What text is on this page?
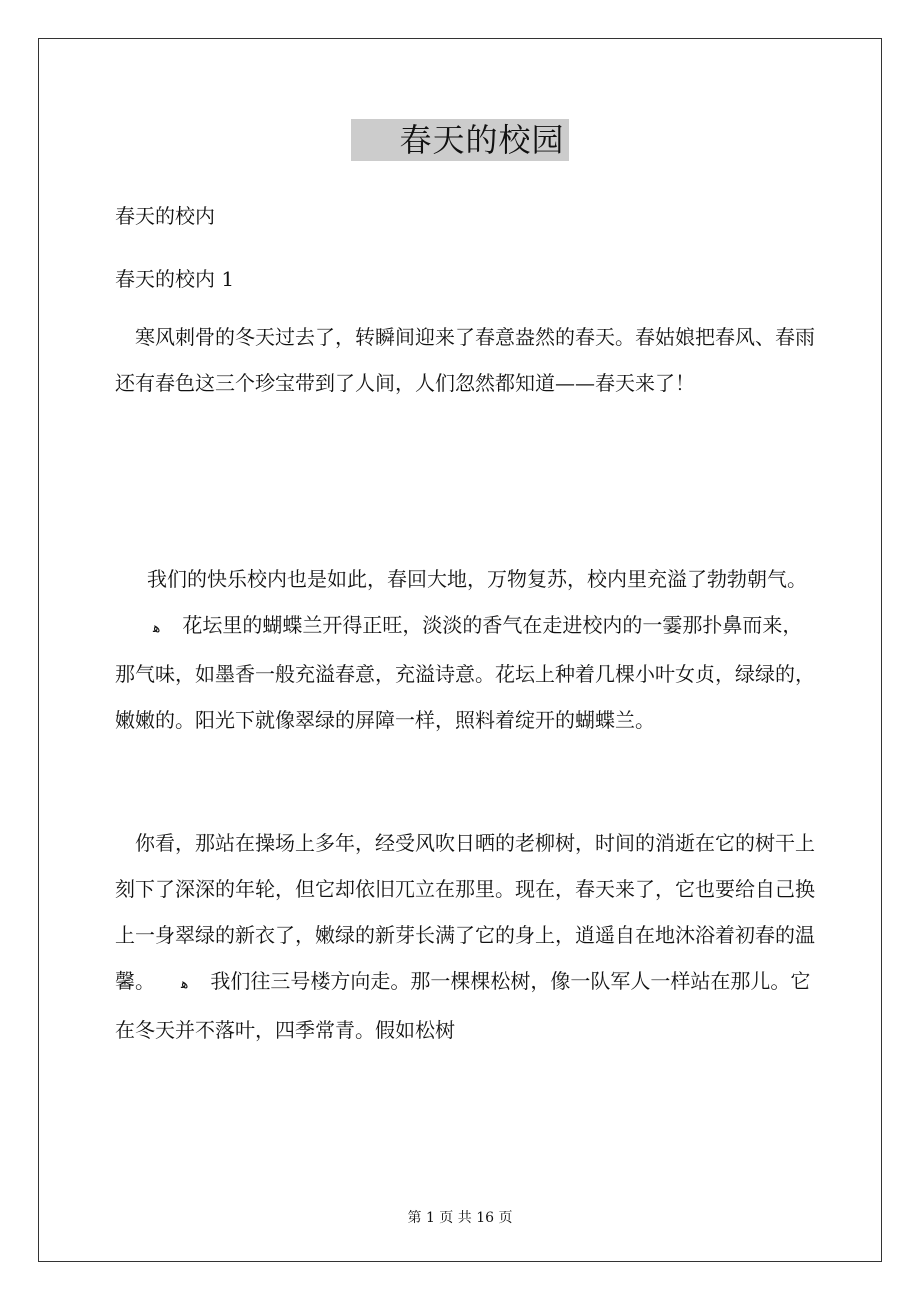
春天的校园
春天的校内
春天的校内 1
寒风刺骨的冬天过去了，转瞬间迎来了春意盎然的春天。春姑娘把春风、春雨还有春色这三个珍宝带到了人间，人们忽然都知道——春天来了！
我们的快乐校内也是如此，春回大地，万物复苏，校内里充溢了勃勃朝气。ﻫ 花坛里的蝴蝶兰开得正旺，淡淡的香气在走进校内的一霎那扑鼻而来，那气味，如墨香一般充溢春意，充溢诗意。花坛上种着几棵小叶女贞，绿绿的，嫩嫩的。阳光下就像翠绿的屏障一样，照料着绽开的蝴蝶兰。
你看，那站在操场上多年，经受风吹日晒的老柳树，时间的消逝在它的树干上刻下了深深的年轮，但它却依旧兀立在那里。现在，春天来了，它也要给自己换上一身翠绿的新衣了，嫩绿的新芽长满了它的身上，逍遥自在地沐浴着初春的温馨。 ﻫ 我们往三号楼方向走。那一棵棵松树，像一队军人一样站在那儿。它在冬天并不落叶，四季常青。假如松树
第 1 页 共 16 页
